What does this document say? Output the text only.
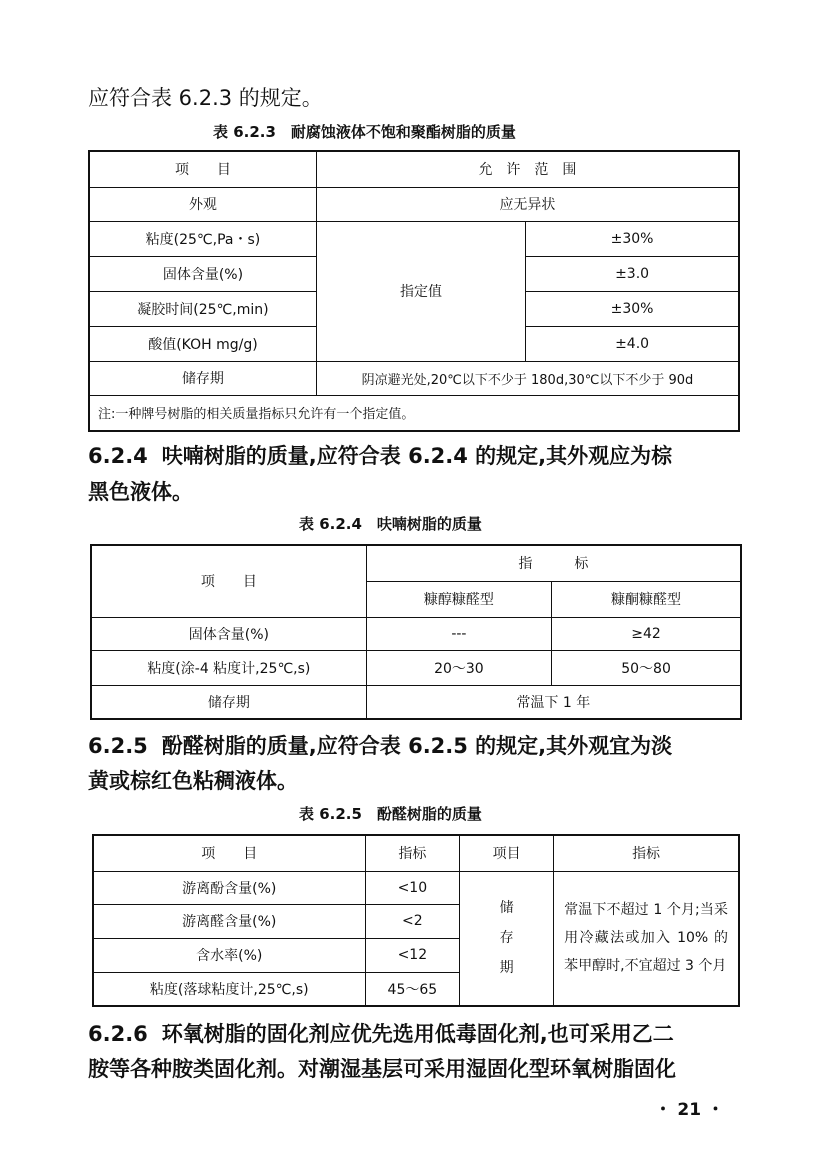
应符合表 6.2.3 的规定。
表 6.2.3　耐腐蚀液体不饱和聚酯树脂的质量
项　　目	允　许　范　围	
外观	应无异状	
粘度(25℃,Pa・s)	指定值	±30%
固体含量(%)		±3.0
凝胶时间(25℃,min)		±30%
酸值(KOH mg/g)		±4.0
储存期	阴凉避光处,20℃以下不少于 180d,30℃以下不少于 90d	
注:一种牌号树脂的相关质量指标只允许有一个指定值。		
6.2.4 呋喃树脂的质量,应符合表 6.2.4 的规定,其外观应为棕
黑色液体。
表 6.2.4　呋喃树脂的质量
项　　目	指　　　标	
	糠醇糠醛型	糠酮糠醛型
固体含量(%)	---	≥42
粘度(涂-4 粘度计,25℃,s)	20～30	50～80
储存期	常温下 1 年	
6.2.5 酚醛树脂的质量,应符合表 6.2.5 的规定,其外观宜为淡
黄或棕红色粘稠液体。
表 6.2.5　酚醛树脂的质量
项　　目	指标	项目	指标
游离酚含量(%)	<10	储存期	常温下不超过 1 个月;当采用冷藏法或加入 10% 的苯甲醇时,不宜超过 3 个月
游离醛含量(%)	<2		
含水率(%)	<12		
粘度(落球粘度计,25℃,s)	45～65		
6.2.6 环氧树脂的固化剂应优先选用低毒固化剂,也可采用乙二
胺等各种胺类固化剂。对潮湿基层可采用湿固化型环氧树脂固化
・ 21 ・
